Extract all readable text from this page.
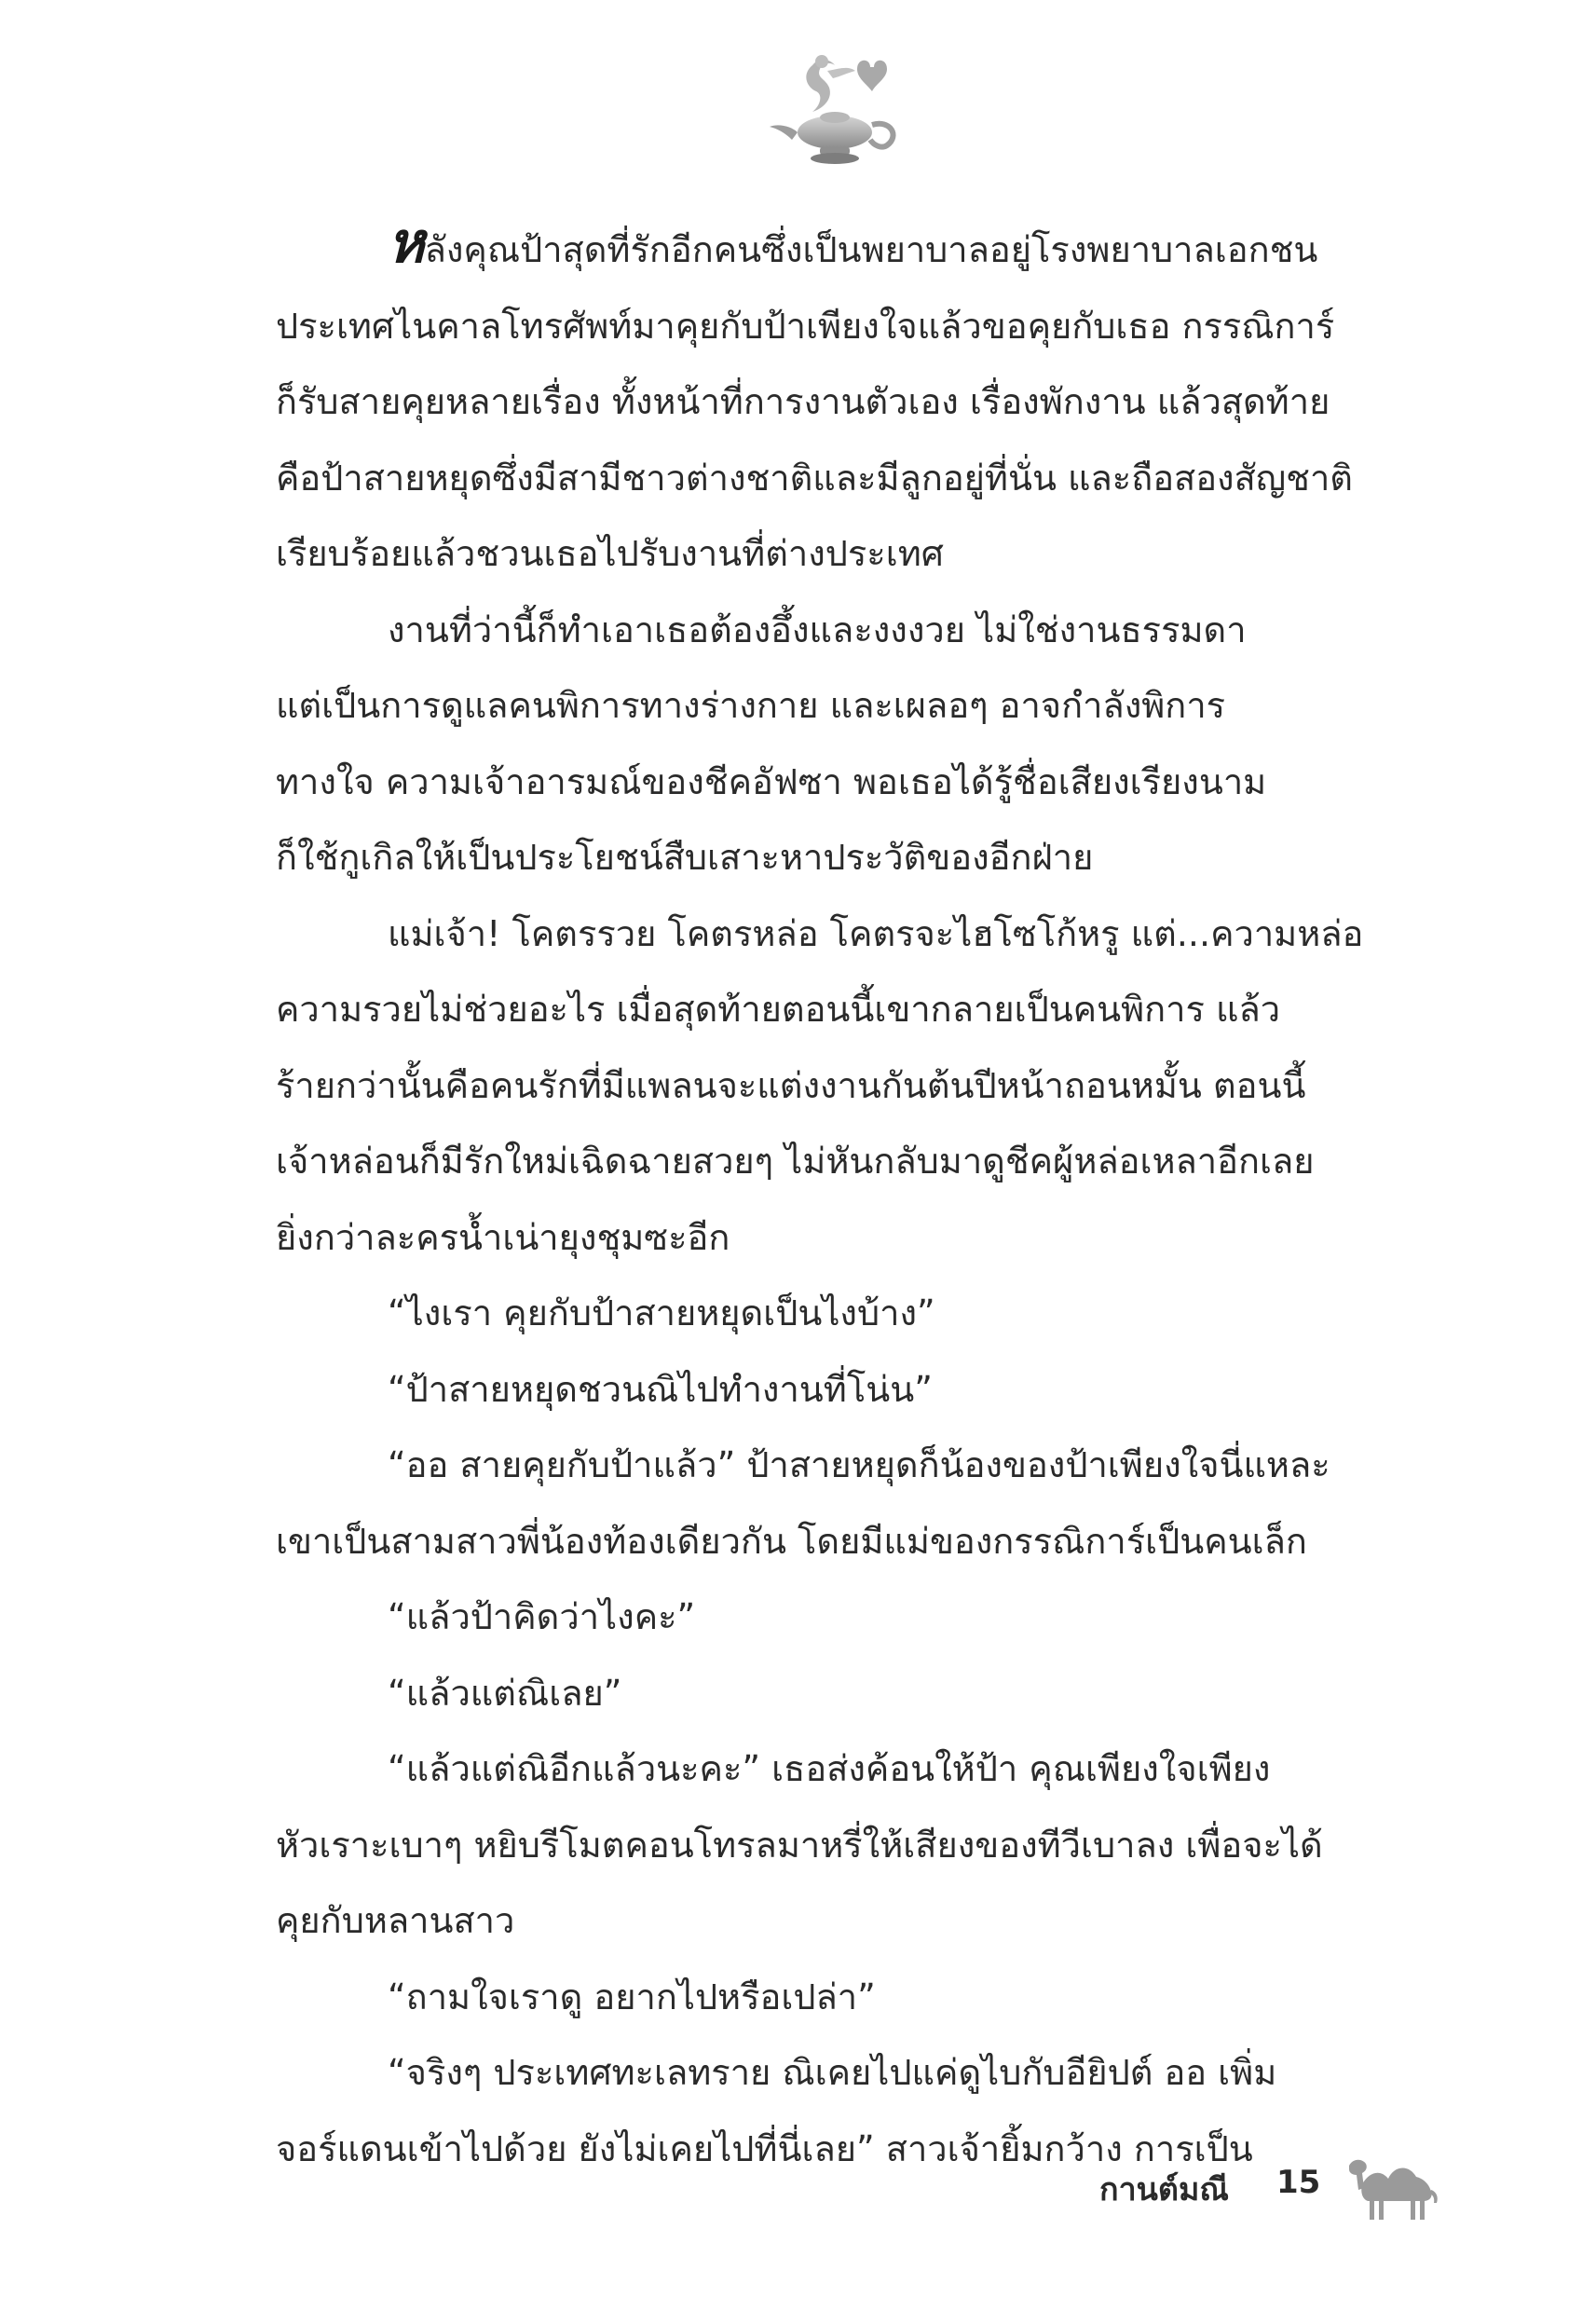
หลังคุณป้าสุดที่รักอีกคนซึ่งเป็นพยาบาลอยู่โรงพยาบาลเอกชน
ประเทศไนคาลโทรศัพท์มาคุยกับป้าเพียงใจแล้วขอคุยกับเธอ กรรณิการ์
ก็รับสายคุยหลายเรื่อง ทั้งหน้าที่การงานตัวเอง เรื่องพักงาน แล้วสุดท้าย
คือป้าสายหยุดซึ่งมีสามีชาวต่างชาติและมีลูกอยู่ที่นั่น และถือสองสัญชาติ
เรียบร้อยแล้วชวนเธอไปรับงานที่ต่างประเทศ
งานที่ว่านี้ก็ทำเอาเธอต้องอึ้งและงงงวย ไม่ใช่งานธรรมดา
แต่เป็นการดูแลคนพิการทางร่างกาย และเผลอๆ อาจกำลังพิการ
ทางใจ ความเจ้าอารมณ์ของชีคอัฟซา พอเธอได้รู้ชื่อเสียงเรียงนาม
ก็ใช้กูเกิลให้เป็นประโยชน์สืบเสาะหาประวัติของอีกฝ่าย
แม่เจ้า! โคตรรวย โคตรหล่อ โคตรจะไฮโซโก้หรู แต่...ความหล่อ
ความรวยไม่ช่วยอะไร เมื่อสุดท้ายตอนนี้เขากลายเป็นคนพิการ แล้ว
ร้ายกว่านั้นคือคนรักที่มีแพลนจะแต่งงานกันต้นปีหน้าถอนหมั้น ตอนนี้
เจ้าหล่อนก็มีรักใหม่เฉิดฉายสวยๆ ไม่หันกลับมาดูชีคผู้หล่อเหลาอีกเลย
ยิ่งกว่าละครน้ำเน่ายุงชุมซะอีก
“ไงเรา คุยกับป้าสายหยุดเป็นไงบ้าง”
“ป้าสายหยุดชวนณิไปทำงานที่โน่น”
“ออ สายคุยกับป้าแล้ว” ป้าสายหยุดก็น้องของป้าเพียงใจนี่แหละ
เขาเป็นสามสาวพี่น้องท้องเดียวกัน โดยมีแม่ของกรรณิการ์เป็นคนเล็ก
“แล้วป้าคิดว่าไงคะ”
“แล้วแต่ณิเลย”
“แล้วแต่ณิอีกแล้วนะคะ” เธอส่งค้อนให้ป้า คุณเพียงใจเพียง
หัวเราะเบาๆ หยิบรีโมตคอนโทรลมาหรี่ให้เสียงของทีวีเบาลง เพื่อจะได้
คุยกับหลานสาว
“ถามใจเราดู อยากไปหรือเปล่า”
“จริงๆ ประเทศทะเลทราย ณิเคยไปแค่ดูไบกับอียิปต์ ออ เพิ่ม
จอร์แดนเข้าไปด้วย ยังไม่เคยไปที่นี่เลย” สาวเจ้ายิ้มกว้าง การเป็น
กานต์มณี 15
